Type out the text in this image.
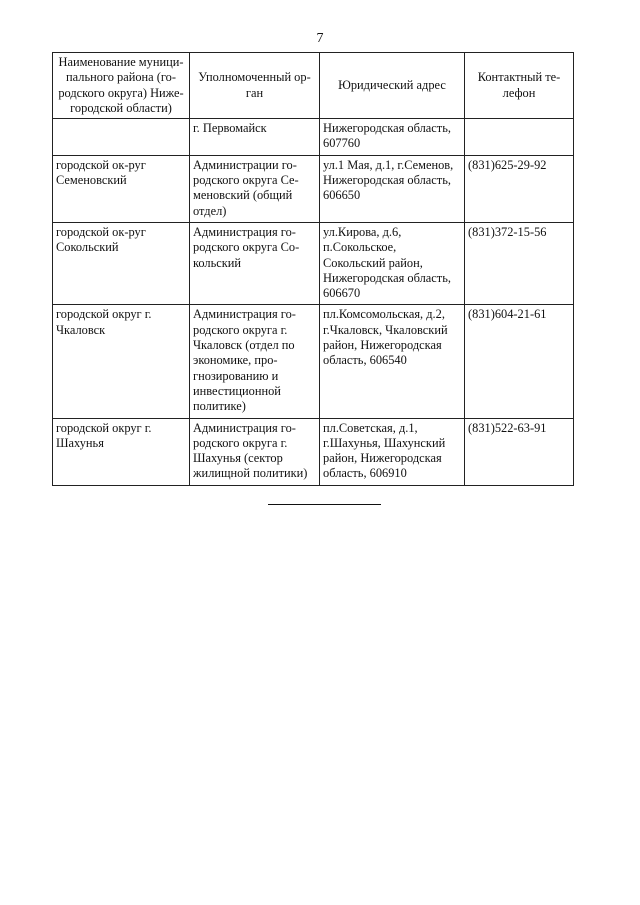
7
Наименование муници-пального района (го-родского округа) Ниже-городской области)	Уполномоченный ор-ган	Юридический адрес	Контактный те-лефон
	г. Первомайск	Нижегородская область, 607760	
городской ок-руг Семеновский	Администрации го-родского округа Се-меновский (общий отдел)	ул.1 Мая, д.1, г.Семенов, Нижегородская область, 606650	(831)625-29-92
городской ок-руг Сокольский	Администрация го-родского округа Со-кольский	ул.Кирова, д.6, п.Сокольское, Сокольский район, Нижегородская область, 606670	(831)372-15-56
городской округ г. Чкаловск	Администрация го-родского округа г. Чкаловск (отдел по экономике, про-гнозированию и инвестиционной политике)	пл.Комсомольская, д.2, г.Чкаловск, Чкаловский район, Нижегородская область, 606540	(831)604-21-61
городской округ г. Шахунья	Администрация го-родского округа г. Шахунья (сектор жилищной политики)	пл.Советская, д.1, г.Шахунья, Шахунский район, Нижегородская область, 606910	(831)522-63-91
